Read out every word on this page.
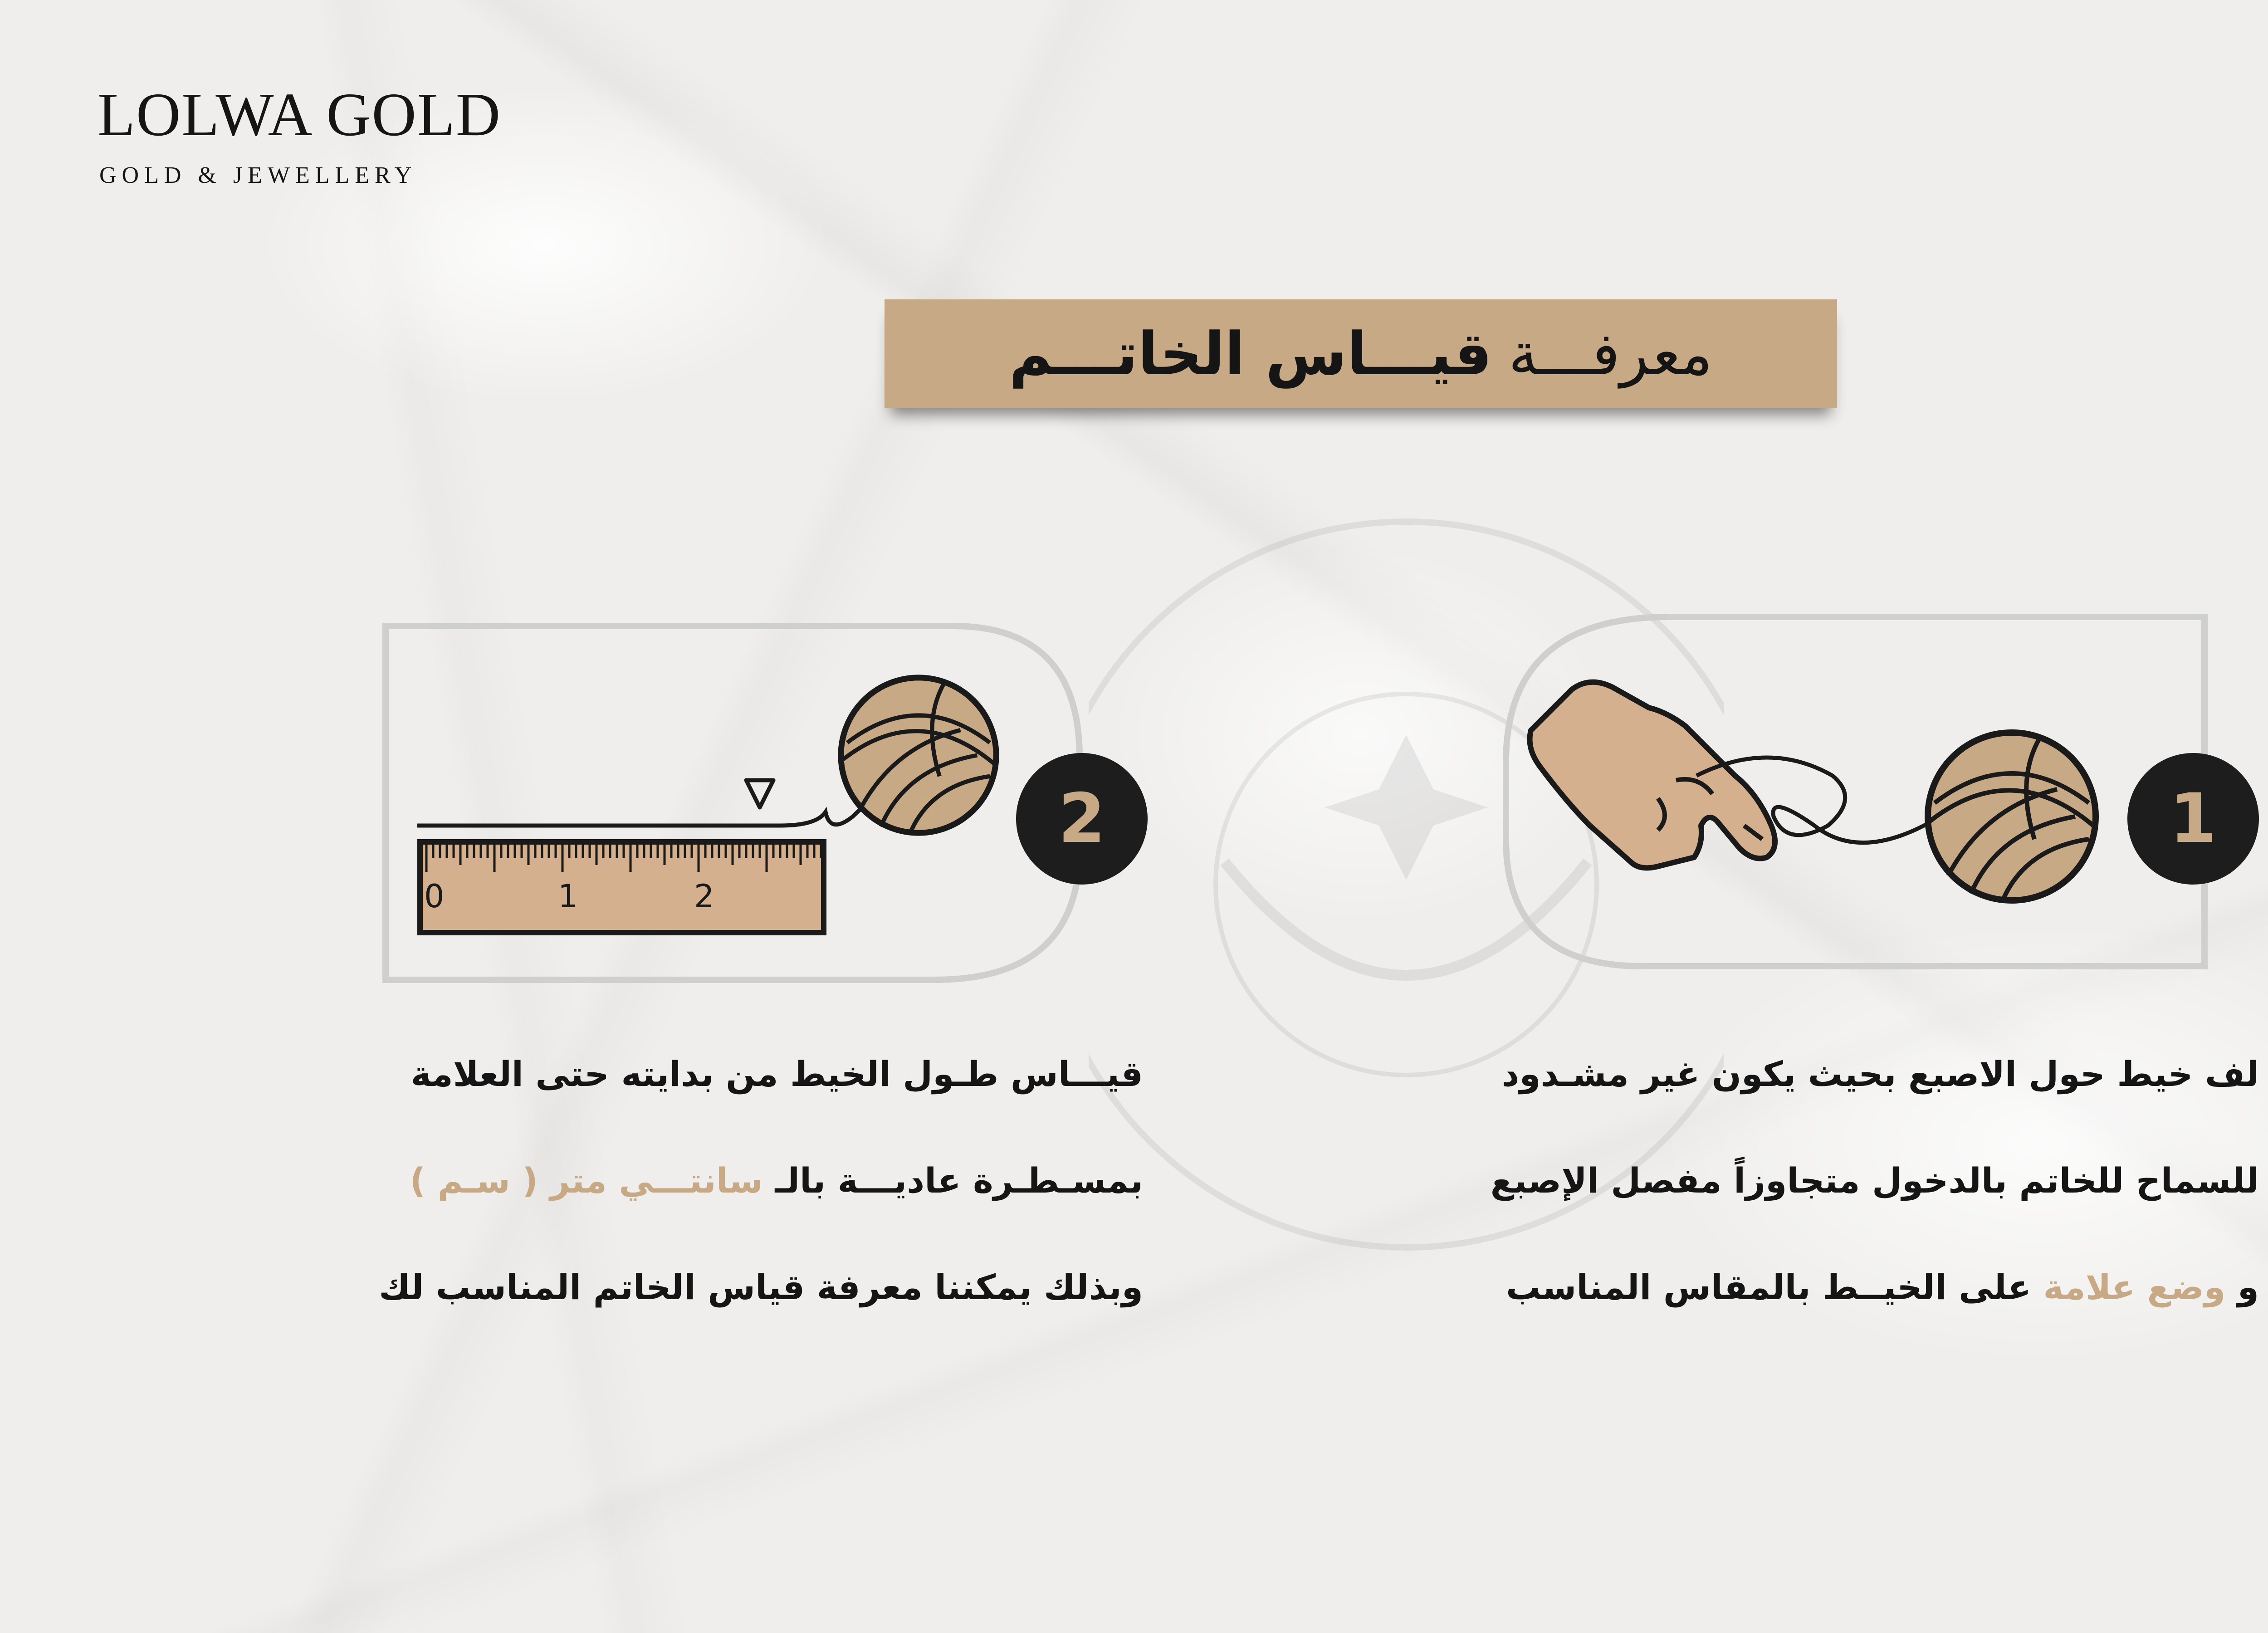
LOLWA GOLD
GOLD & JEWELLERY
معرفـــة
قيـــاس الخاتـــم
1
0	1	2
2
لف خيط حول الاصبع بحيث يكون غير مشـدود
للسماح للخاتم بالدخول متجاوزاً مفصل الإصبع
و وضع علامة على الخيــط بالمقاس المناسب
قيـــاس طـول الخيط من بدايته حتى العلامة
بمسـطـرة عاديـــة بالـ سانتـــي متر ( سـم )
وبذلك يمكننا معرفة قياس الخاتم المناسب لك
